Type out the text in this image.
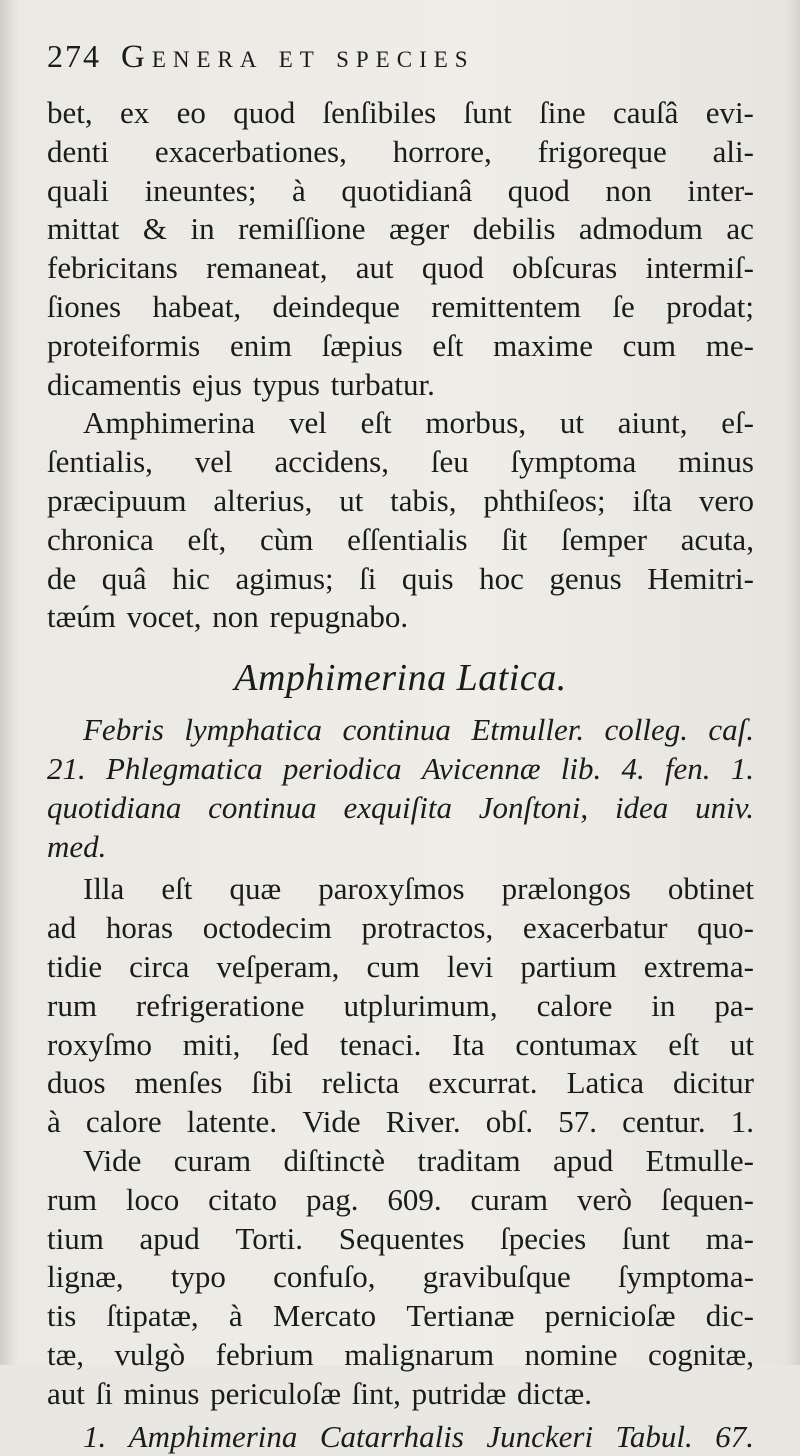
274 Genera et species
bet, ex eo quod ſenſibiles ſunt ſine cauſâ evi-
denti exacerbationes, horrore, frigoreque ali-
quali ineuntes; à quotidianâ quod non inter-
mittat & in remiſſione æger debilis admodum ac
febricitans remaneat, aut quod obſcuras intermiſ-
ſiones habeat, deindeque remittentem ſe prodat;
proteiformis enim ſæpius eſt maxime cum me-
dicamentis ejus typus turbatur.
Amphimerina vel eſt morbus, ut aiunt, eſ-
ſentialis, vel accidens, ſeu ſymptoma minus
præcipuum alterius, ut tabis, phthiſeos; iſta vero
chronica eſt, cùm eſſentialis ſit ſemper acuta,
de quâ hic agimus; ſi quis hoc genus Hemitri-
tæúm vocet, non repugnabo.
Amphimerina Latica.
Febris lymphatica continua Etmuller. colleg. caſ.
21. Phlegmatica periodica Avicennæ lib. 4. fen. 1.
quotidiana continua exquiſita Jonſtoni, idea univ.
med.
Illa eſt quæ paroxyſmos prælongos obtinet
ad horas octodecim protractos, exacerbatur quo-
tidie circa veſperam, cum levi partium extrema-
rum refrigeratione utplurimum, calore in pa-
roxyſmo miti, ſed tenaci. Ita contumax eſt ut
duos menſes ſibi relicta excurrat. Latica dicitur
à calore latente. Vide River. obſ. 57. centur. 1.
Vide curam diſtinctè traditam apud Etmulle-
rum loco citato pag. 609. curam verò ſequen-
tium apud Torti. Sequentes ſpecies ſunt ma-
lignæ, typo confuſo, gravibuſque ſymptoma-
tis ſtipatæ, à Mercato Tertianæ pernicioſæ dic-
tæ, vulgò febrium malignarum nomine cognitæ,
aut ſi minus periculoſæ ſint, putridæ dictæ.
1. Amphimerina Catarrhalis Junckeri Tabul. 67.
